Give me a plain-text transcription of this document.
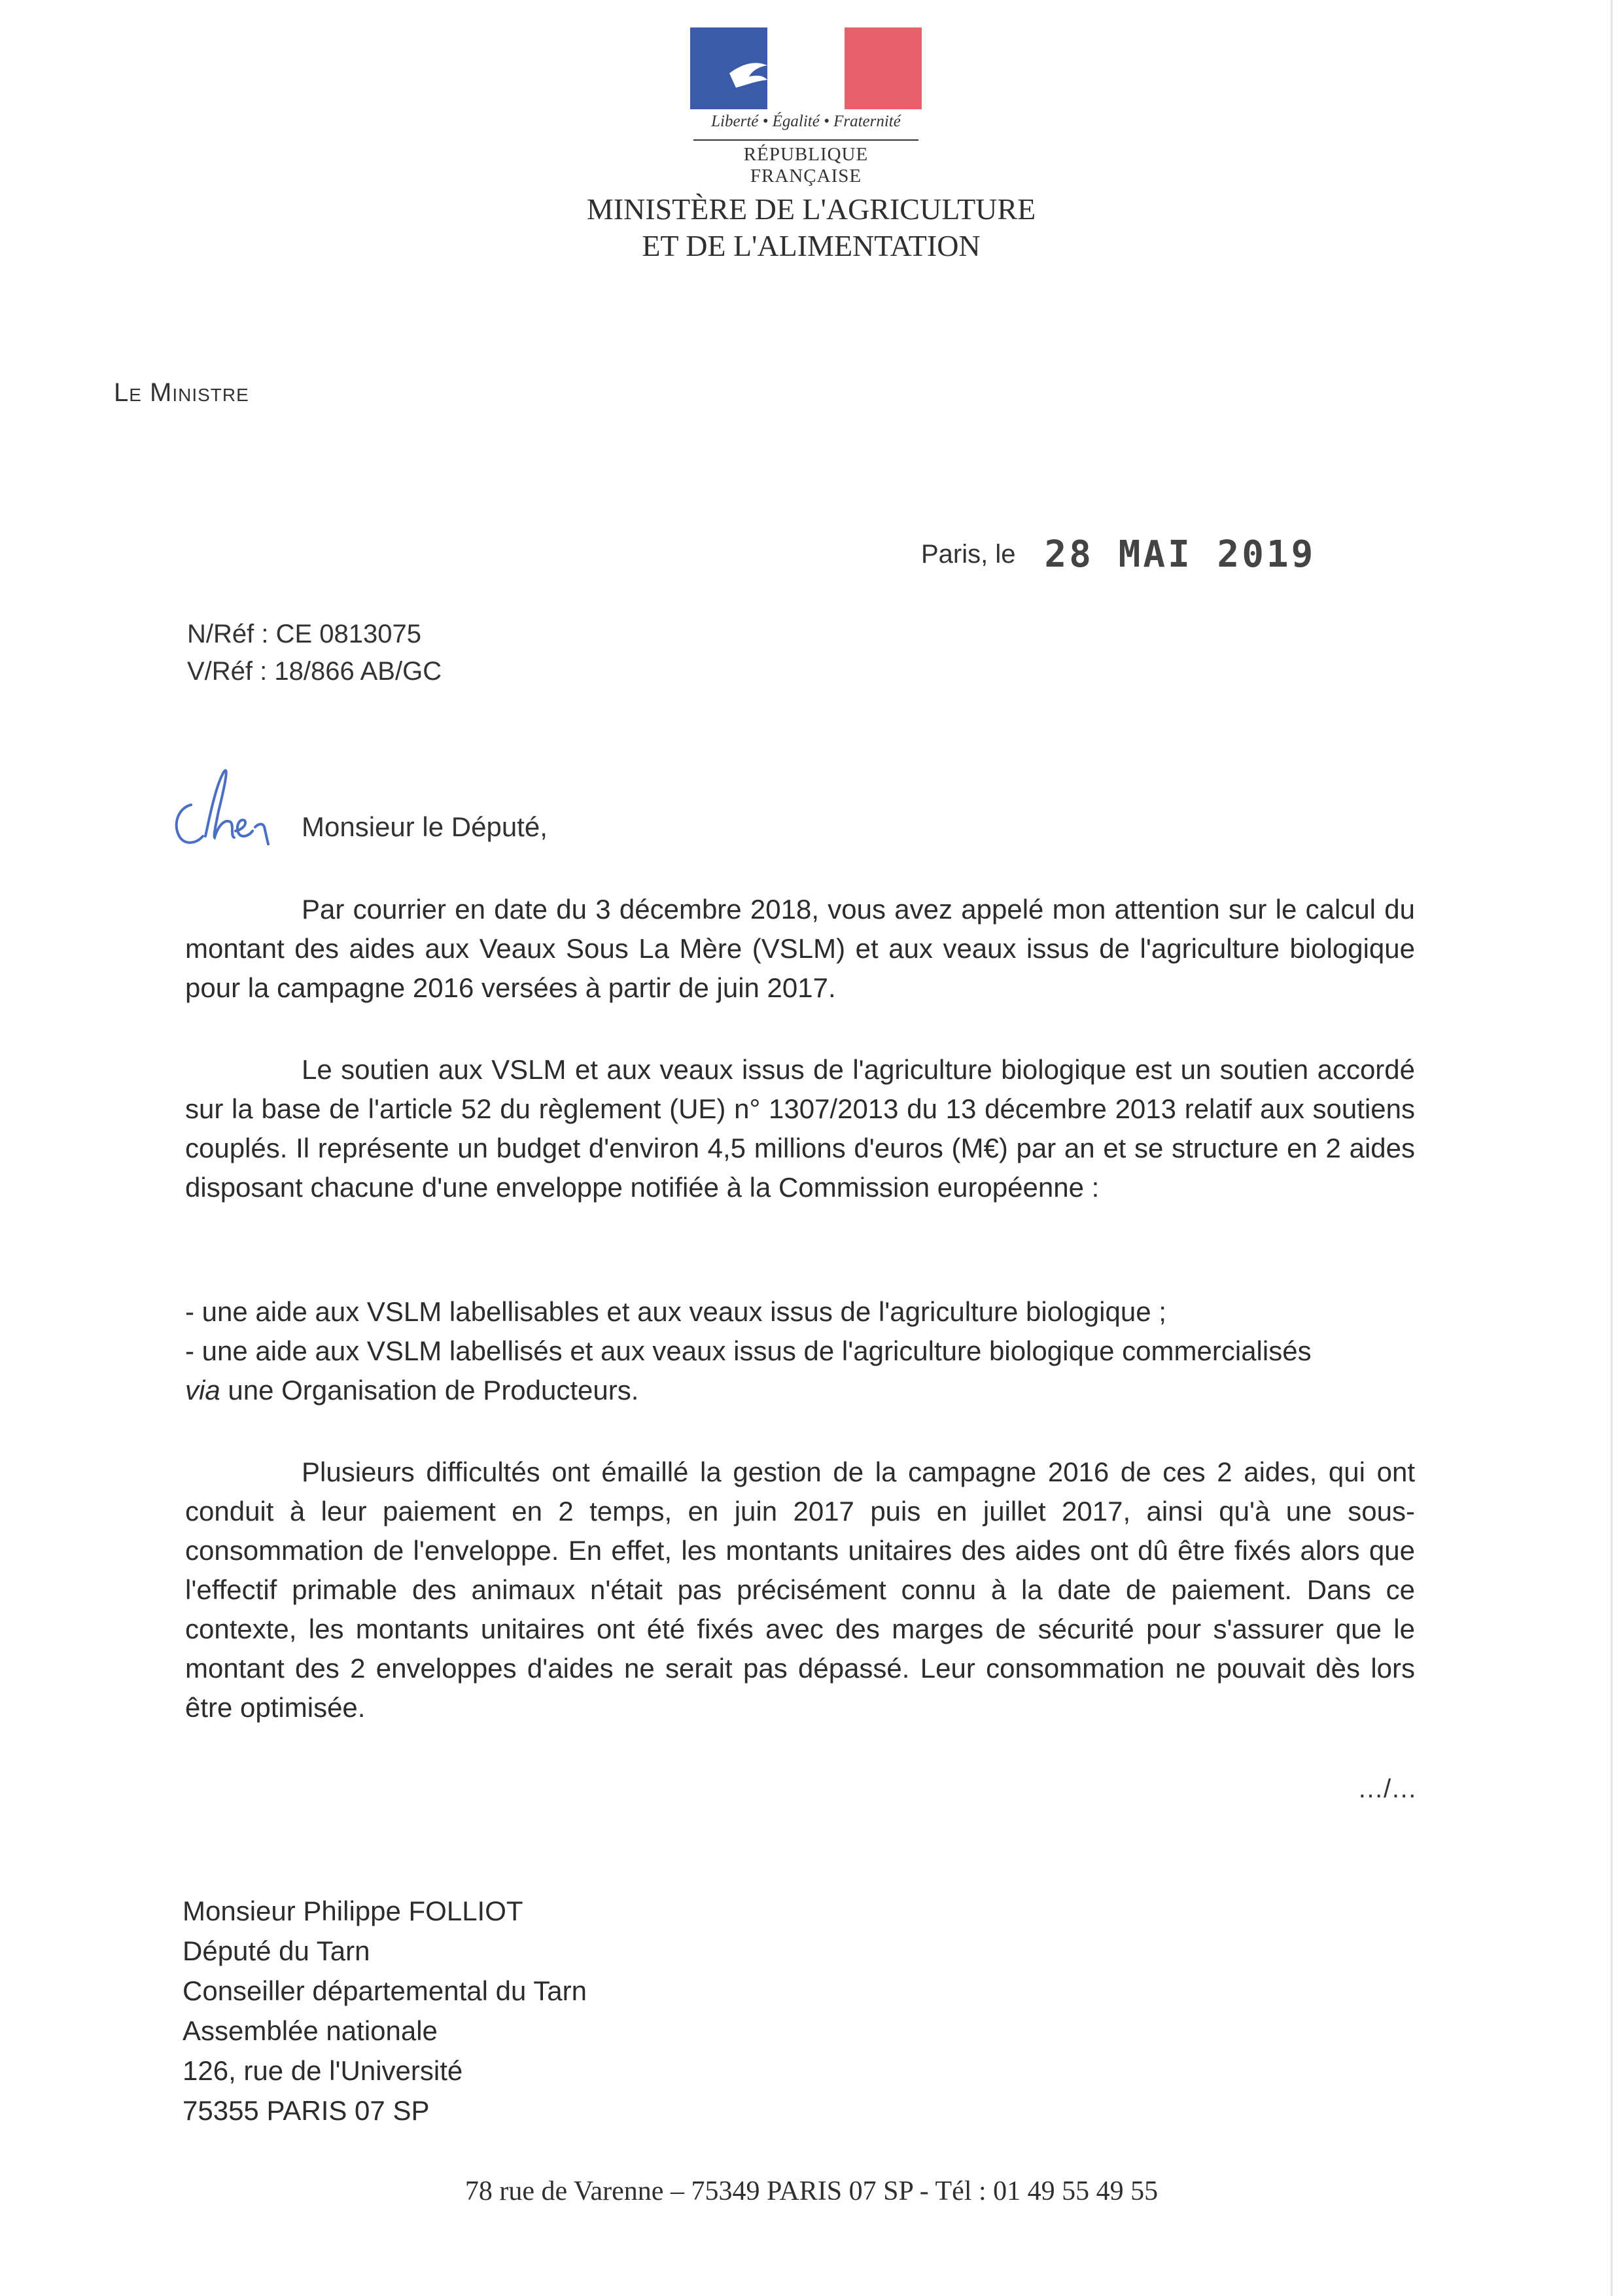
Liberté • Égalité • Fraternité
RÉPUBLIQUE FRANÇAISE
MINISTÈRE DE L'AGRICULTURE
ET DE L'ALIMENTATION
Le Ministre
Paris, le 28 MAI 2019
N/Réf : CE 0813075
V/Réf : 18/866 AB/GC
Monsieur le Député,
Par courrier en date du 3 décembre 2018, vous avez appelé mon attention sur le calcul du montant des aides aux Veaux Sous La Mère (VSLM) et aux veaux issus de l'agriculture biologique pour la campagne 2016 versées à partir de juin 2017.
Le soutien aux VSLM et aux veaux issus de l'agriculture biologique est un soutien accordé sur la base de l'article 52 du règlement (UE) n° 1307/2013 du 13 décembre 2013 relatif aux soutiens couplés. Il représente un budget d'environ 4,5 millions d'euros (M€) par an et se structure en 2 aides disposant chacune d'une enveloppe notifiée à la Commission européenne :
- une aide aux VSLM labellisables et aux veaux issus de l'agriculture biologique ;
- une aide aux VSLM labellisés et aux veaux issus de l'agriculture biologique commercialisés
via une Organisation de Producteurs.
Plusieurs difficultés ont émaillé la gestion de la campagne 2016 de ces 2 aides, qui ont conduit à leur paiement en 2 temps, en juin 2017 puis en juillet 2017, ainsi qu'à une sous-consommation de l'enveloppe. En effet, les montants unitaires des aides ont dû être fixés alors que l'effectif primable des animaux n'était pas précisément connu à la date de paiement. Dans ce contexte, les montants unitaires ont été fixés avec des marges de sécurité pour s'assurer que le montant des 2 enveloppes d'aides ne serait pas dépassé. Leur consommation ne pouvait dès lors être optimisée.
…/…
Monsieur Philippe FOLLIOT
Député du Tarn
Conseiller départemental du Tarn
Assemblée nationale
126, rue de l'Université
75355 PARIS 07 SP
78 rue de Varenne – 75349 PARIS 07 SP - Tél : 01 49 55 49 55
